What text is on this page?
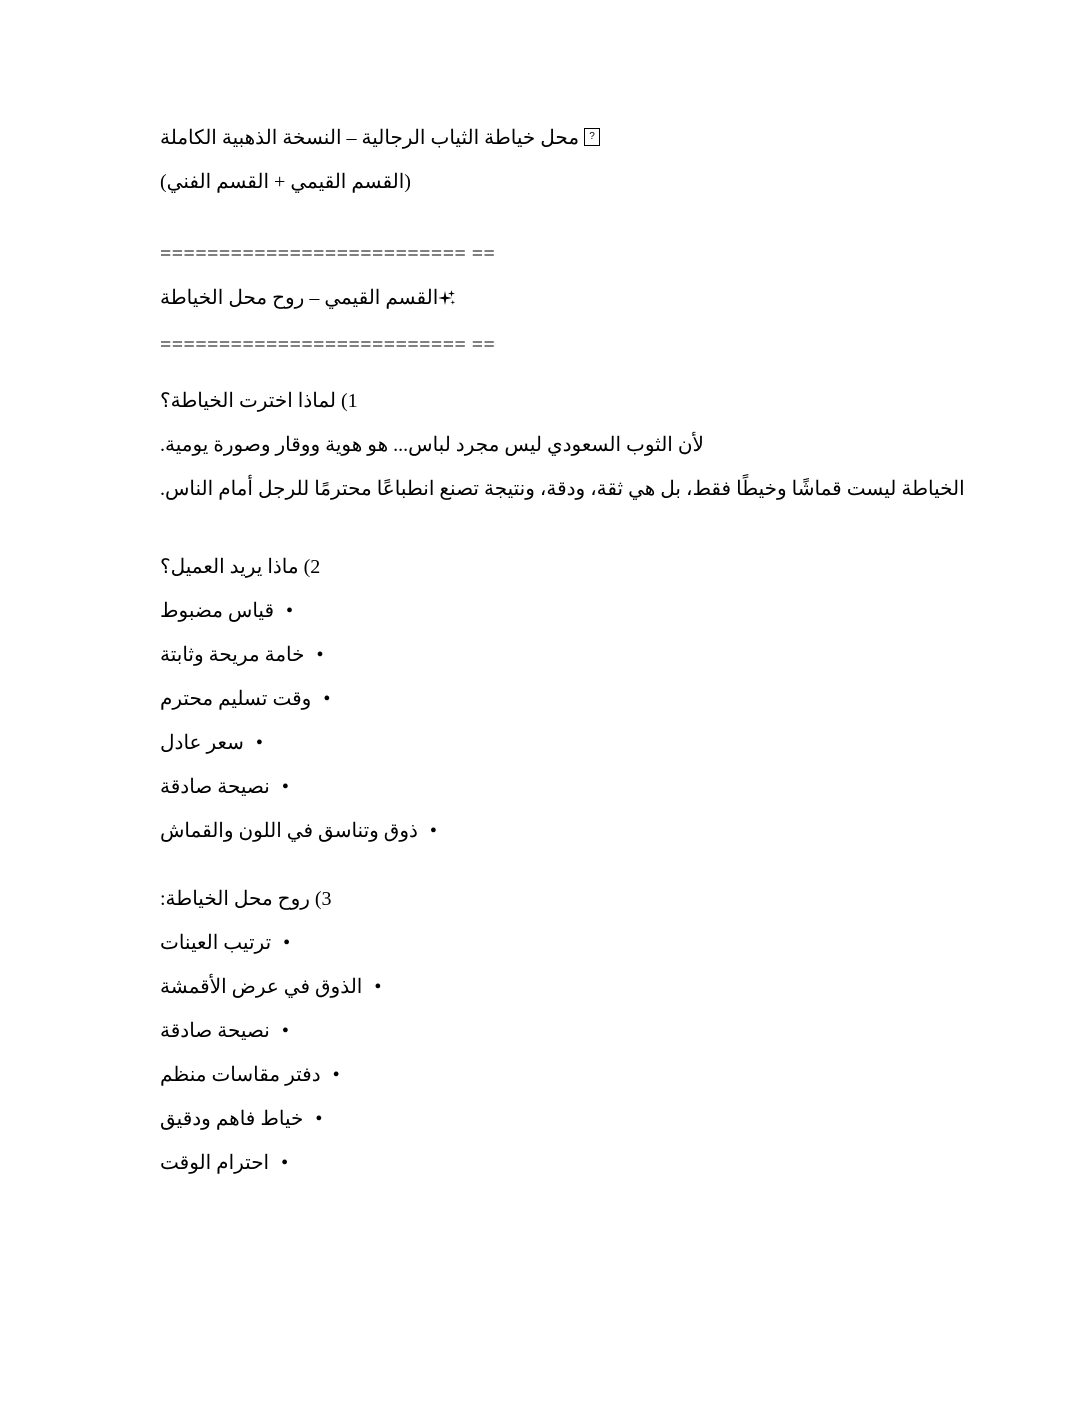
?محل خياطة الثياب الرجالية – النسخة الذهبية الكاملة

(القسم القيمي + القسم الفني)

========================== ==

القسم القيمي – روح محل الخياطة

========================== ==

1) لماذا اخترت الخياطة؟

لأن الثوب السعودي ليس مجرد لباس... هو هوية ووقار وصورة يومية.

الخياطة ليست قماشًا وخيطًا فقط، بل هي ثقة، ودقة، ونتيجة تصنع انطباعًا محترمًا للرجل أمام الناس.

2) ماذا يريد العميل؟

•قياس مضبوط

•خامة مريحة وثابتة

•وقت تسليم محترم

•سعر عادل

•نصيحة صادقة

•ذوق وتناسق في اللون والقماش

3) روح محل الخياطة:

•ترتيب العينات

•الذوق في عرض الأقمشة

•نصيحة صادقة

•دفتر مقاسات منظم

•خياط فاهم ودقيق

•احترام الوقت
